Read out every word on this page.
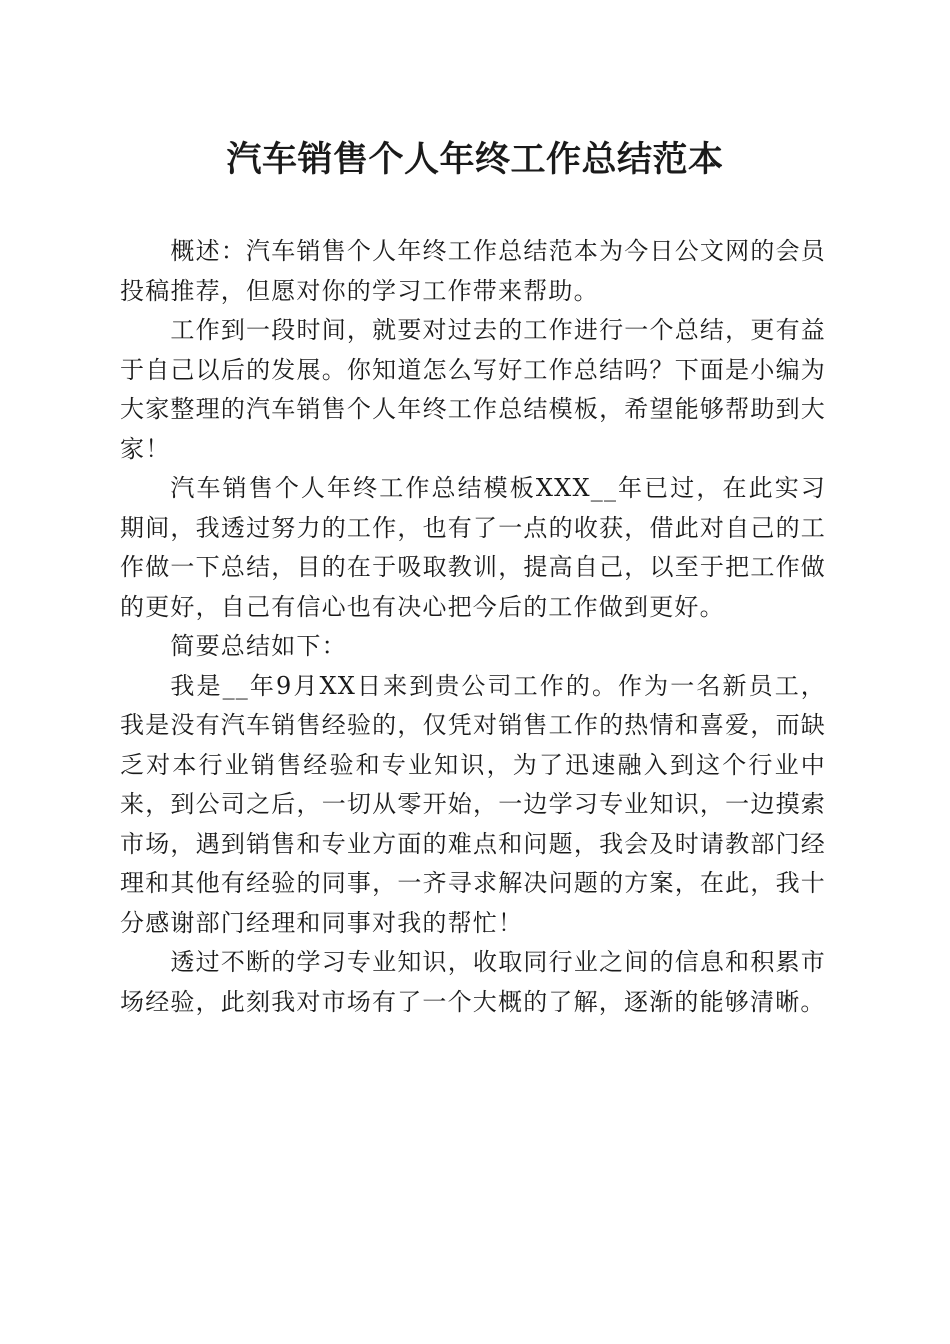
汽车销售个人年终工作总结范本

概述：汽车销售个人年终工作总结范本为今日公文网的会员投稿推荐，但愿对你的学习工作带来帮助。

工作到一段时间，就要对过去的工作进行一个总结，更有益于自己以后的发展。你知道怎么写好工作总结吗？下面是小编为大家整理的汽车销售个人年终工作总结模板，希望能够帮助到大家！

汽车销售个人年终工作总结模板XXX__年已过，在此实习期间，我透过努力的工作，也有了一点的收获，借此对自己的工作做一下总结，目的在于吸取教训，提高自己，以至于把工作做的更好，自己有信心也有决心把今后的工作做到更好。

简要总结如下：

我是__年9月XX日来到贵公司工作的。作为一名新员工，我是没有汽车销售经验的，仅凭对销售工作的热情和喜爱，而缺乏对本行业销售经验和专业知识，为了迅速融入到这个行业中来，到公司之后，一切从零开始，一边学习专业知识，一边摸索市场，遇到销售和专业方面的难点和问题，我会及时请教部门经理和其他有经验的同事，一齐寻求解决问题的方案，在此，我十分感谢部门经理和同事对我的帮忙！

透过不断的学习专业知识，收取同行业之间的信息和积累市场经验，此刻我对市场有了一个大概的了解，逐渐的能够清晰。
